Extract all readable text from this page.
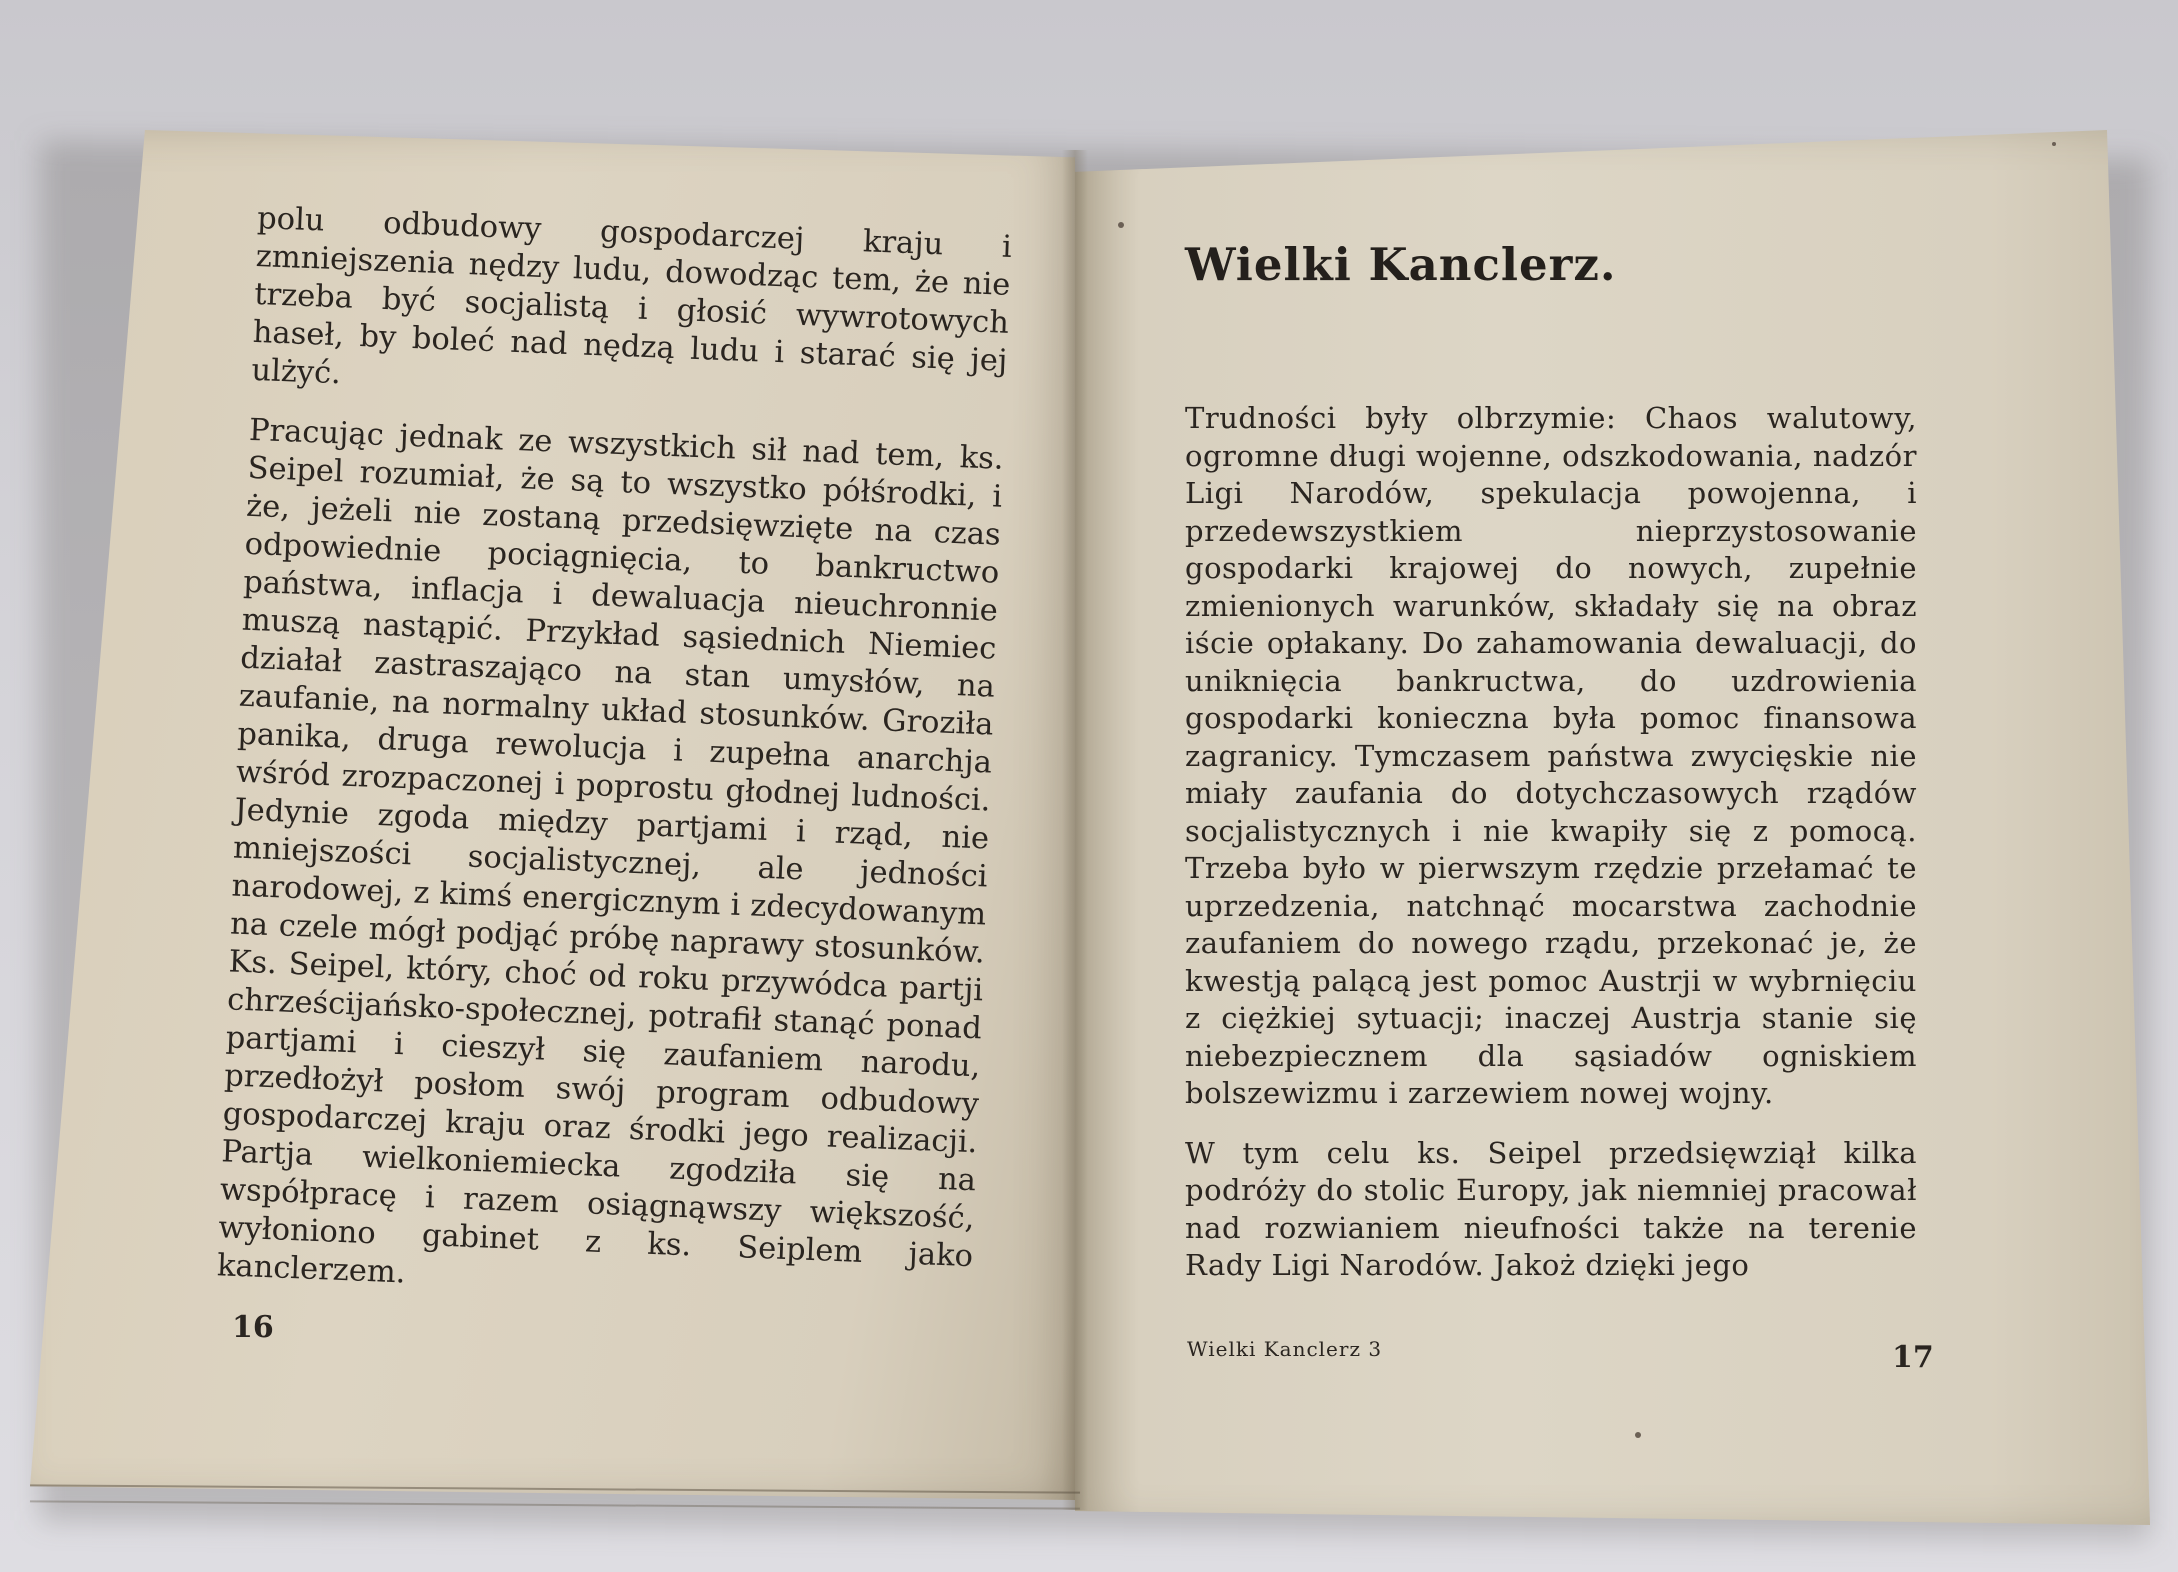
polu odbudowy gospodarczej kraju i zmniejszenia nędzy ludu, dowodząc tem, że nie trzeba być socjalistą i głosić wywrotowych haseł, by boleć nad nędzą ludu i starać się jej ulżyć.

Pracując jednak ze wszystkich sił nad tem, ks. Seipel rozumiał, że są to wszystko półśrodki, i że, jeżeli nie zostaną przedsięwzięte na czas odpowiednie pociągnięcia, to bankructwo państwa, inflacja i dewaluacja nieuchronnie muszą nastąpić. Przykład sąsiednich Niemiec działał zastraszająco na stan umysłów, na zaufanie, na normalny układ stosunków. Groziła panika, druga rewolucja i zupełna anarchja wśród zrozpaczonej i poprostu głodnej ludności. Jedynie zgoda między partjami i rząd, nie mniejszości socjalistycznej, ale jedności narodowej, z kimś energicznym i zdecydowanym na czele mógł podjąć próbę naprawy stosunków. Ks. Seipel, który, choć od roku przywódca partji chrześcijańsko-społecznej, potrafił stanąć ponad partjami i cieszył się zaufaniem narodu, przedłożył posłom swój program odbudowy gospodarczej kraju oraz środki jego realizacji. Partja wielkoniemiecka zgodziła się na współpracę i razem osiągnąwszy większość, wyłoniono gabinet z ks. Seiplem jako kanclerzem.

16
Wielki Kanclerz.

Trudności były olbrzymie: Chaos walutowy, ogromne długi wojenne, odszkodowania, nadzór Ligi Narodów, spekulacja powojenna, i przedewszystkiem nieprzystosowanie gospodarki krajowej do nowych, zupełnie zmienionych warunków, składały się na obraz iście opłakany. Do zahamowania dewaluacji, do uniknięcia bankructwa, do uzdrowienia gospodarki konieczna była pomoc finansowa zagranicy. Tymczasem państwa zwycięskie nie miały zaufania do dotychczasowych rządów socjalistycznych i nie kwapiły się z pomocą. Trzeba było w pierwszym rzędzie przełamać te uprzedzenia, natchnąć mocarstwa zachodnie zaufaniem do nowego rządu, przekonać je, że kwestją palącą jest pomoc Austrji w wybrnięciu z ciężkiej sytuacji; inaczej Austrja stanie się niebezpiecznem dla sąsiadów ogniskiem bolszewizmu i zarzewiem nowej wojny.

W tym celu ks. Seipel przedsięwziął kilka podróży do stolic Europy, jak niemniej pracował nad rozwianiem nieufności także na terenie Rady Ligi Narodów. Jakoż dzięki jego

Wielki Kanclerz 3	17
